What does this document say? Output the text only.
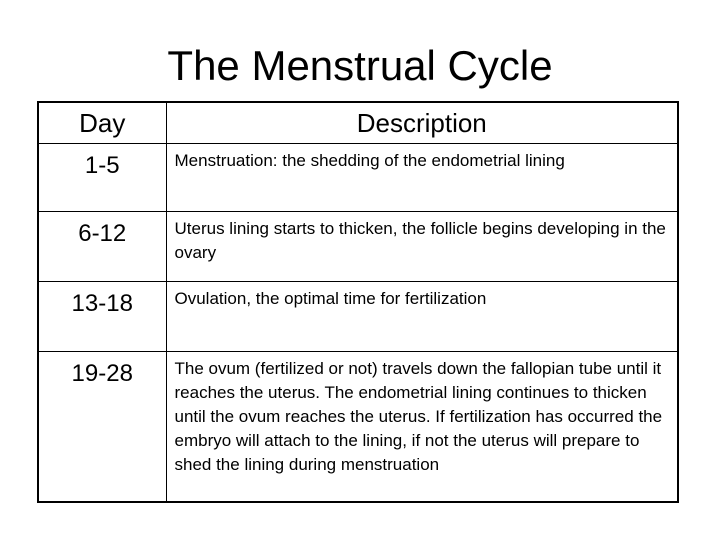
The Menstrual Cycle
Day	Description
1-5	Menstruation: the shedding of the endometrial lining
6-12	Uterus lining starts to thicken, the follicle begins developing in the ovary
13-18	Ovulation, the optimal time for fertilization
19-28	The ovum (fertilized or not) travels down the fallopian tube until it reaches the uterus. The endometrial lining continues to thicken until the ovum reaches the uterus. If fertilization has occurred the embryo will attach to the lining, if not the uterus will prepare to shed the lining during menstruation
